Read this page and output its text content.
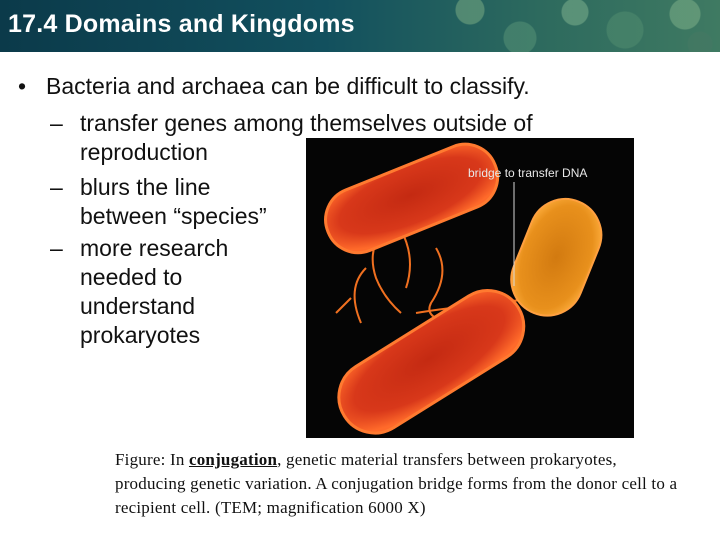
17.4 Domains and Kingdoms
• Bacteria and archaea can be difficult to classify.
– transfer genes among themselves outside of
reproduction
– blurs the line
between “species”
– more research
needed to
understand
prokaryotes
bridge to transfer DNA
Figure: In conjugation, genetic material transfers between prokaryotes, producing genetic variation. A conjugation bridge forms from the donor cell to a recipient cell. (TEM; magnification 6000 X)
